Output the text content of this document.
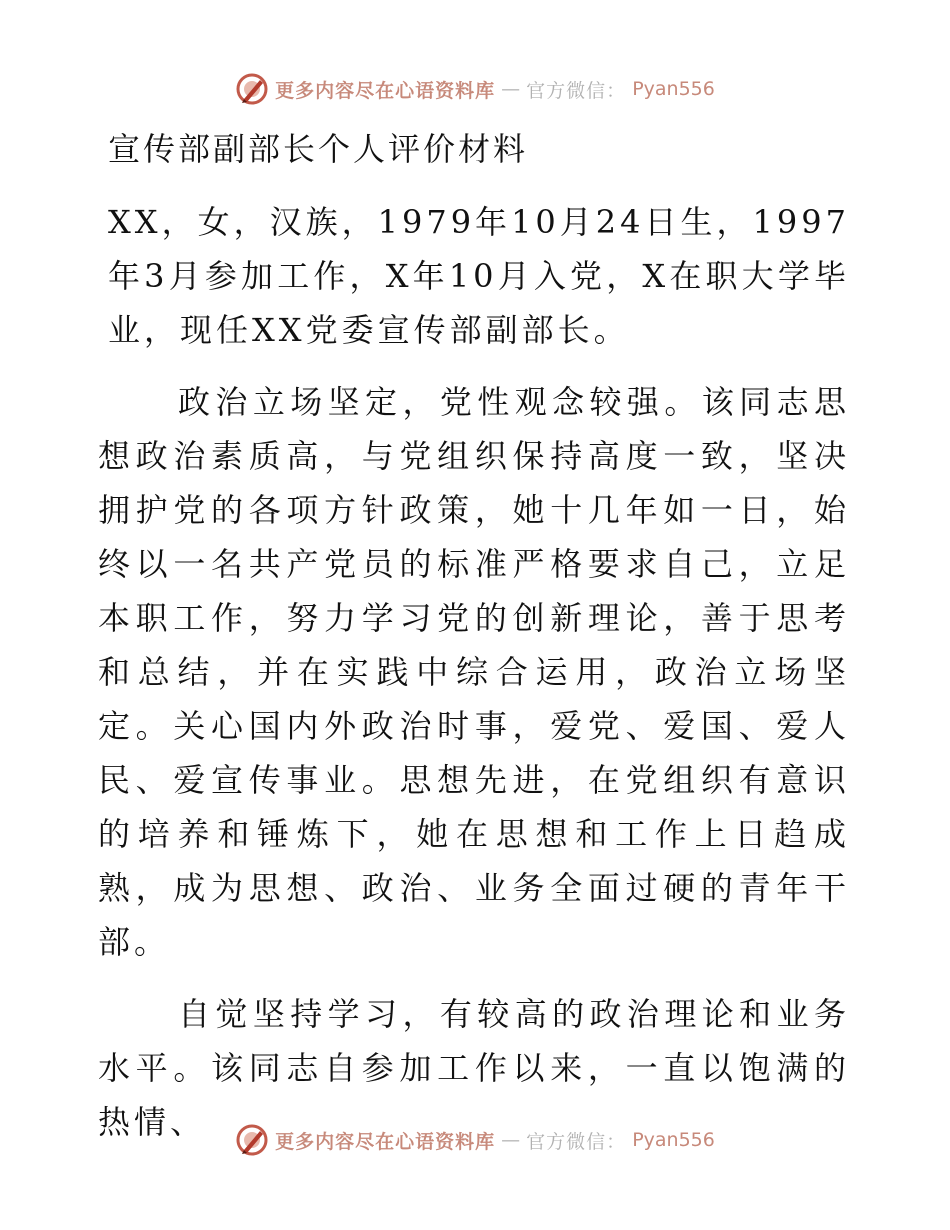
更多内容尽在心语资料库 — 官方微信： Pyan556
宣传部副部长个人评价材料

XX，女，汉族，1979年10月24日生，1997年3月参加工作，X年10月入党，X在职大学毕业，现任XX党委宣传部副部长。

政治立场坚定，党性观念较强。该同志思想政治素质高，与党组织保持高度一致，坚决拥护党的各项方针政策，她十几年如一日，始终以一名共产党员的标准严格要求自己，立足本职工作，努力学习党的创新理论，善于思考和总结，并在实践中综合运用，政治立场坚定。关心国内外政治时事，爱党、爱国、爱人民、爱宣传事业。思想先进，在党组织有意识的培养和锤炼下，她在思想和工作上日趋成熟，成为思想、政治、业务全面过硬的青年干部。

自觉坚持学习，有较高的政治理论和业务水平。该同志自参加工作以来，一直以饱满的热情、

更多内容尽在心语资料库 — 官方微信： Pyan556
